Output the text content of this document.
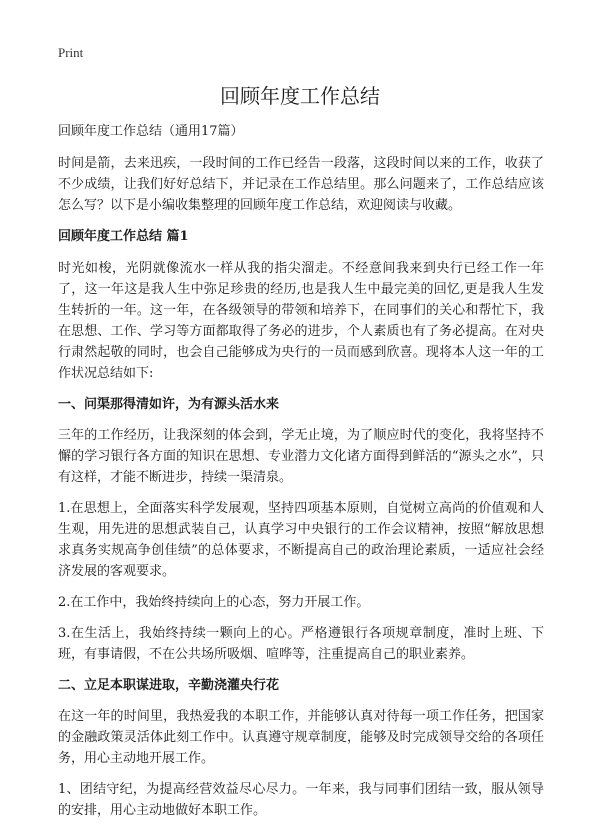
Print
回顾年度工作总结

回顾年度工作总结（通用17篇）

时间是箭，去来迅疾，一段时间的工作已经告一段落，这段时间以来的工作，收获了不少成绩，让我们好好总结下，并记录在工作总结里。那么问题来了，工作总结应该怎么写？以下是小编收集整理的回顾年度工作总结，欢迎阅读与收藏。

回顾年度工作总结 篇1

时光如梭，光阴就像流水一样从我的指尖溜走。不经意间我来到央行已经工作一年了，这一年这是我人生中弥足珍贵的经历,也是我人生中最完美的回忆,更是我人生发生转折的一年。这一年，在各级领导的带领和培养下，在同事们的关心和帮忙下，我在思想、工作、学习等方面都取得了务必的进步，个人素质也有了务必提高。在对央行肃然起敬的同时，也会自己能够成为央行的一员而感到欣喜。现将本人这一年的工作状况总结如下:

一、问渠那得清如许，为有源头活水来

三年的工作经历，让我深刻的体会到，学无止境，为了顺应时代的变化，我将坚持不懈的学习银行各方面的知识在思想、专业潜力文化诸方面得到鲜活的“源头之水”，只有这样，才能不断进步，持续一渠清泉。

1.在思想上，全面落实科学发展观，坚持四项基本原则，自觉树立高尚的价值观和人生观，用先进的思想武装自己，认真学习中央银行的工作会议精神，按照“解放思想求真务实规高争创佳绩”的总体要求，不断提高自己的政治理论素质，一适应社会经济发展的客观要求。

2.在工作中，我始终持续向上的心态，努力开展工作。

3.在生活上，我始终持续一颗向上的心。严格遵银行各项规章制度，准时上班、下班，有事请假，不在公共场所吸烟、喧哗等，注重提高自己的职业素养。

二、立足本职谋进取，辛勤浇灌央行花

在这一年的时间里，我热爱我的本职工作，并能够认真对待每一项工作任务，把国家的金融政策灵活体此刻工作中。认真遵守规章制度，能够及时完成领导交给的各项任务，用心主动地开展工作。

1、团结守纪，为提高经营效益尽心尽力。一年来，我与同事们团结一致，服从领导的安排，用心主动地做好本职工作。
